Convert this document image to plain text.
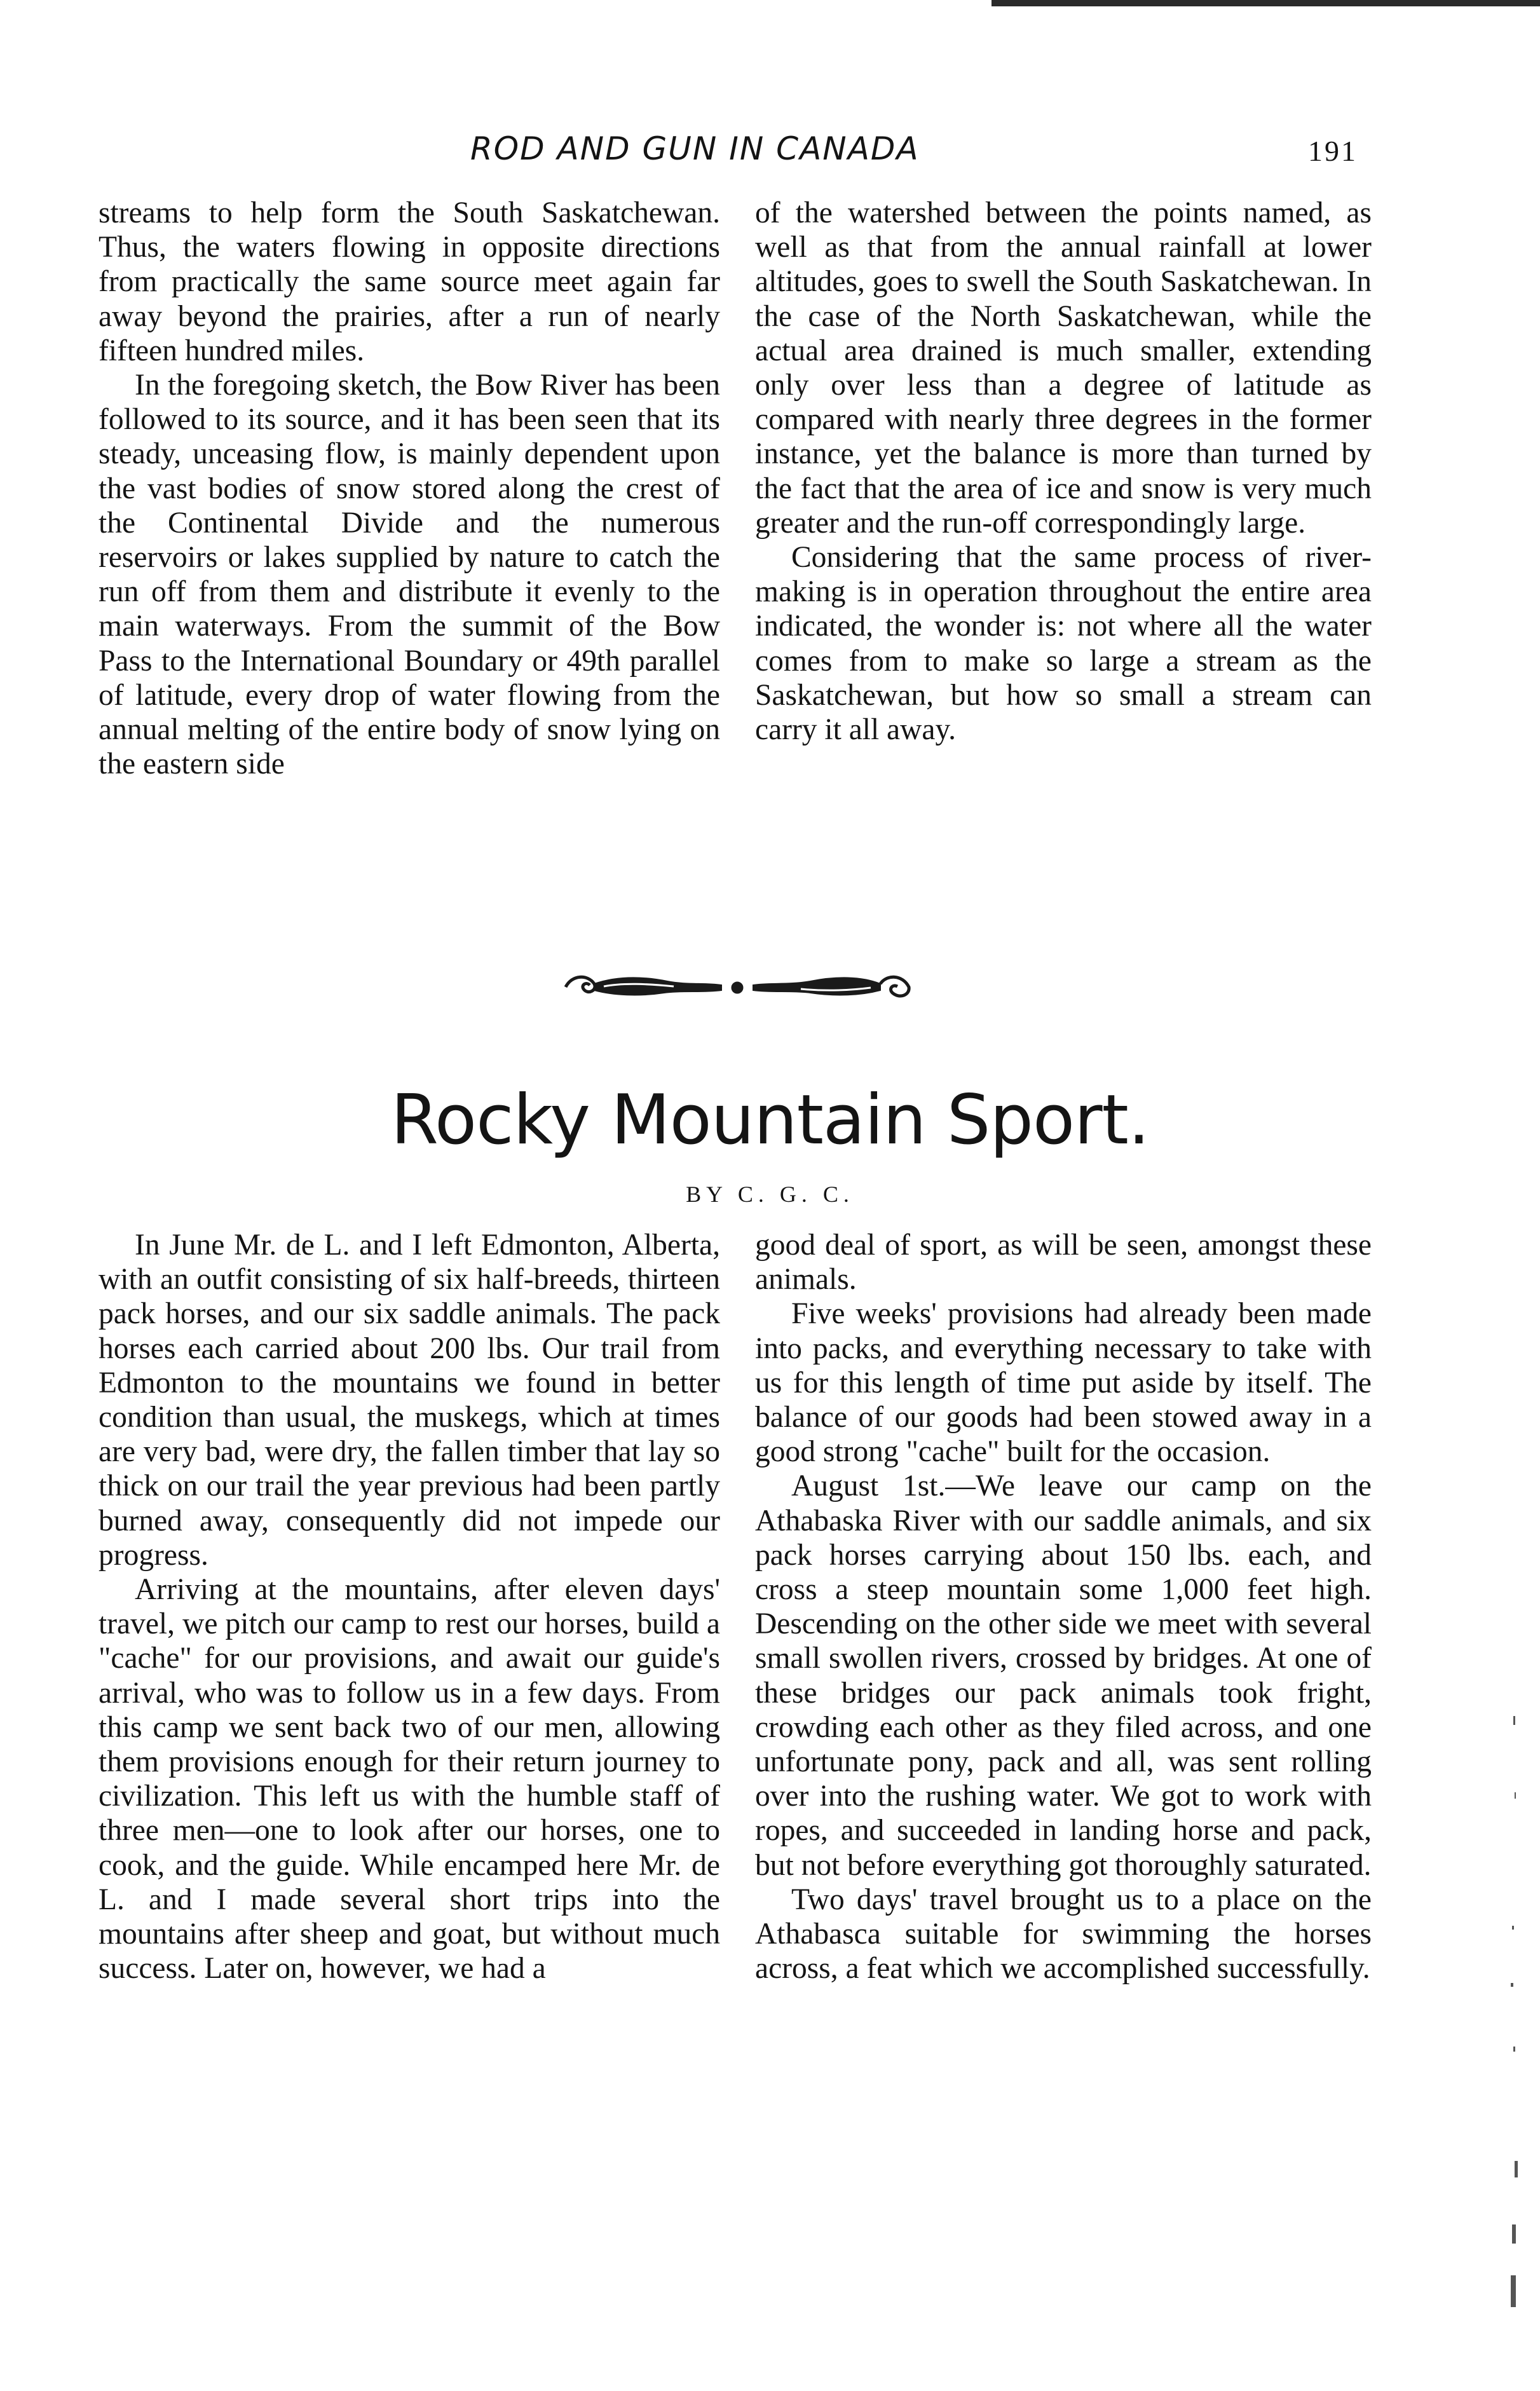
ROD AND GUN IN CANADA	191

streams to help form the South Saskatchewan. Thus, the waters flowing in opposite directions from practically the same source meet again far away beyond the prairies, after a run of nearly fifteen hundred miles.

In the foregoing sketch, the Bow River has been followed to its source, and it has been seen that its steady, unceasing flow, is mainly dependent upon the vast bodies of snow stored along the crest of the Continental Divide and the numerous reservoirs or lakes supplied by nature to catch the run off from them and distribute it evenly to the main waterways. From the summit of the Bow Pass to the International Boundary or 49th parallel of latitude, every drop of water flowing from the annual melting of the entire body of snow lying on the eastern side

of the watershed between the points named, as well as that from the annual rainfall at lower altitudes, goes to swell the South Saskatchewan. In the case of the North Saskatchewan, while the actual area drained is much smaller, extending only over less than a degree of latitude as compared with nearly three degrees in the former instance, yet the balance is more than turned by the fact that the area of ice and snow is very much greater and the run-off correspondingly large.

Considering that the same process of river-making is in operation throughout the entire area indicated, the wonder is: not where all the water comes from to make so large a stream as the Saskatchewan, but how so small a stream can carry it all away.

Rocky Mountain Sport.
BY C. G. C.

In June Mr. de L. and I left Edmonton, Alberta, with an outfit consisting of six half-breeds, thirteen pack horses, and our six saddle animals. The pack horses each carried about 200 lbs. Our trail from Edmonton to the mountains we found in better condition than usual, the muskegs, which at times are very bad, were dry, the fallen timber that lay so thick on our trail the year previous had been partly burned away, consequently did not impede our progress.

Arriving at the mountains, after eleven days' travel, we pitch our camp to rest our horses, build a "cache" for our provisions, and await our guide's arrival, who was to follow us in a few days. From this camp we sent back two of our men, allowing them provisions enough for their return journey to civilization. This left us with the humble staff of three men—one to look after our horses, one to cook, and the guide. While encamped here Mr. de L. and I made several short trips into the mountains after sheep and goat, but without much success. Later on, however, we had a

good deal of sport, as will be seen, amongst these animals.

Five weeks' provisions had already been made into packs, and everything necessary to take with us for this length of time put aside by itself. The balance of our goods had been stowed away in a good strong "cache" built for the occasion.

August 1st.—We leave our camp on the Athabaska River with our saddle animals, and six pack horses carrying about 150 lbs. each, and cross a steep mountain some 1,000 feet high. Descending on the other side we meet with several small swollen rivers, crossed by bridges. At one of these bridges our pack animals took fright, crowding each other as they filed across, and one unfortunate pony, pack and all, was sent rolling over into the rushing water. We got to work with ropes, and succeeded in landing horse and pack, but not before everything got thoroughly saturated.

Two days' travel brought us to a place on the Athabasca suitable for swimming the horses across, a feat which we accomplished successfully.
